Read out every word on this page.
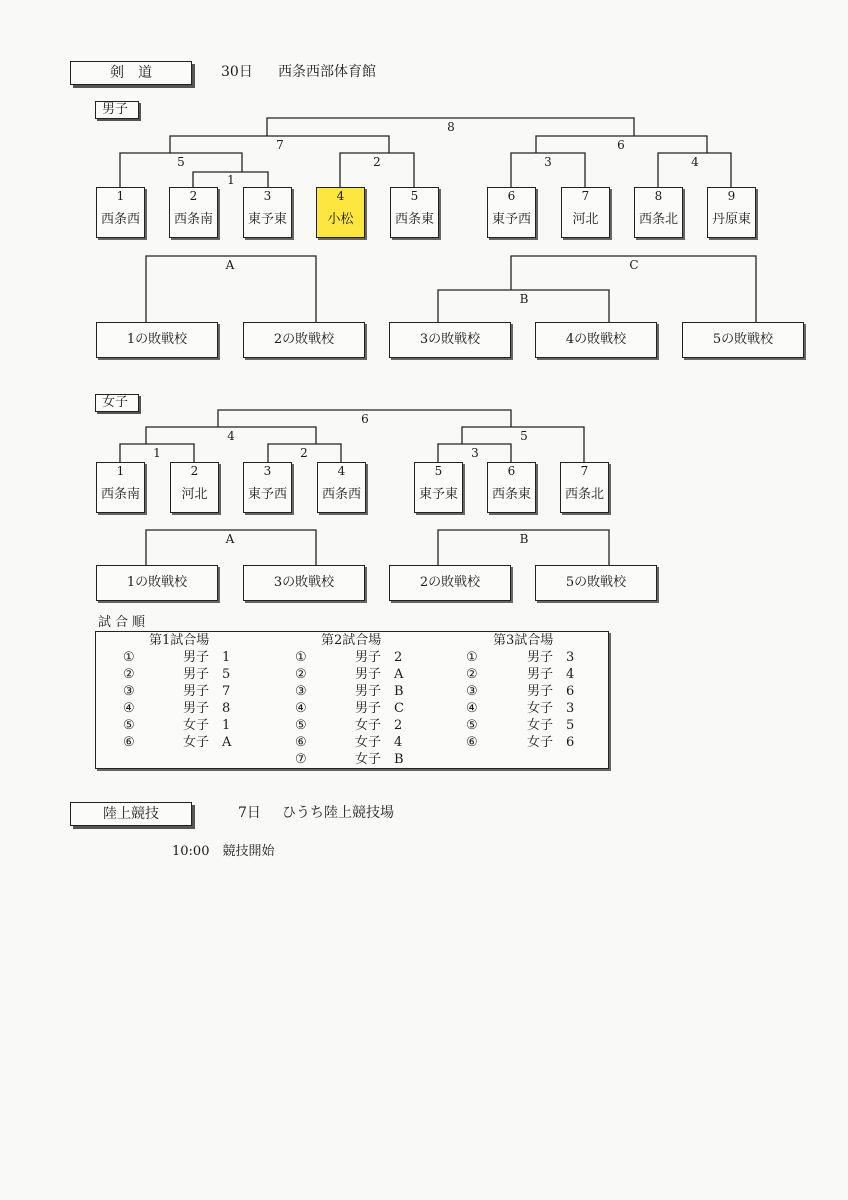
剣　道	30日 西条西部体育館
男子
8
7	6
5	2	3	4
1
1
西条西
2
西条南
3
東予東
4
小松
5
西条東
6
東予西
7
河北
8
西条北
9
丹原東
A	C
B
1の敗戦校	2の敗戦校	3の敗戦校	4の敗戦校	5の敗戦校
女子
6
4	5
1	2	3
1
西条南
2
河北
3
東予西
4
西条西
5
東予東
6
西条東
7
西条北
A	B
1の敗戦校	3の敗戦校	2の敗戦校	5の敗戦校
試合順
第1試合場
①	男子　1
②	男子　5
③	男子　7
④	男子　8
⑤	女子　1
⑥	女子　A
第2試合場
①	男子　2
②	男子　A
③	男子　B
④	男子　C
⑤	女子　2
⑥	女子　4
⑦	女子　B
第3試合場
①	男子　3
②	男子　4
③	男子　6
④	女子　3
⑤	女子　5
⑥	女子　6
陸上競技	7日 ひうち陸上競技場
10:00　競技開始
